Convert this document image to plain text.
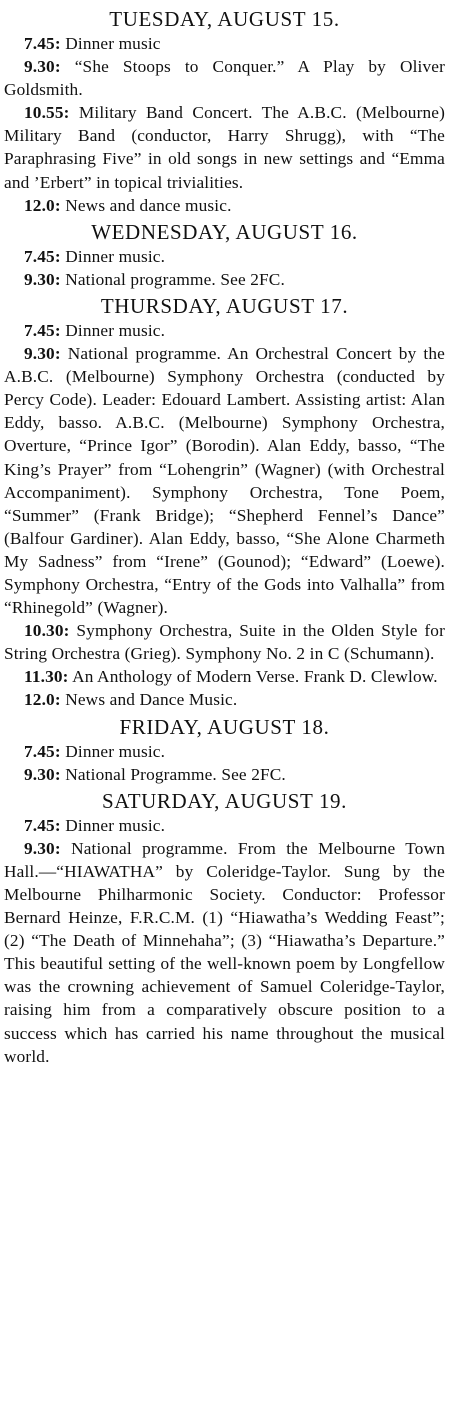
TUESDAY, AUGUST 15.

7.45: Dinner music

9.30: “She Stoops to Conquer.” A Play by Oliver Goldsmith.

10.55: Military Band Concert. The A.B.C. (Melbourne) Military Band (conductor, Harry Shrugg), with “The Paraphrasing Five” in old songs in new settings and “Emma and ’Erbert” in topical trivialities.

12.0: News and dance music.

WEDNESDAY, AUGUST 16.

7.45: Dinner music.

9.30: National programme. See 2FC.

THURSDAY, AUGUST 17.

7.45: Dinner music.

9.30: National programme. An Orchestral Concert by the A.B.C. (Melbourne) Symphony Orchestra (conducted by Percy Code). Leader: Edouard Lambert. Assisting artist: Alan Eddy, basso. A.B.C. (Melbourne) Symphony Orchestra, Overture, “Prince Igor” (Borodin). Alan Eddy, basso, “The King’s Prayer” from “Lohengrin” (Wagner) (with Orchestral Accompaniment). Symphony Orchestra, Tone Poem, “Summer” (Frank Bridge); “Shepherd Fennel’s Dance” (Balfour Gardiner). Alan Eddy, basso, “She Alone Charmeth My Sadness” from “Irene” (Gounod); “Edward” (Loewe). Symphony Orchestra, “Entry of the Gods into Valhalla” from “Rhinegold” (Wagner).

10.30: Symphony Orchestra, Suite in the Olden Style for String Orchestra (Grieg). Symphony No. 2 in C (Schumann).

11.30: An Anthology of Modern Verse. Frank D. Clewlow.

12.0: News and Dance Music.

FRIDAY, AUGUST 18.

7.45: Dinner music.

9.30: National Programme. See 2FC.

SATURDAY, AUGUST 19.

7.45: Dinner music.

9.30: National programme. From the Melbourne Town Hall.—“HIAWATHA” by Coleridge-Taylor. Sung by the Melbourne Philharmonic Society. Conductor: Professor Bernard Heinze, F.R.C.M. (1) “Hiawatha’s Wedding Feast”; (2) “The Death of Minnehaha”; (3) “Hiawatha’s Departure.” This beautiful setting of the well-known poem by Longfellow was the crowning achievement of Samuel Coleridge-Taylor, raising him from a comparatively obscure position to a success which has carried his name throughout the musical world.
